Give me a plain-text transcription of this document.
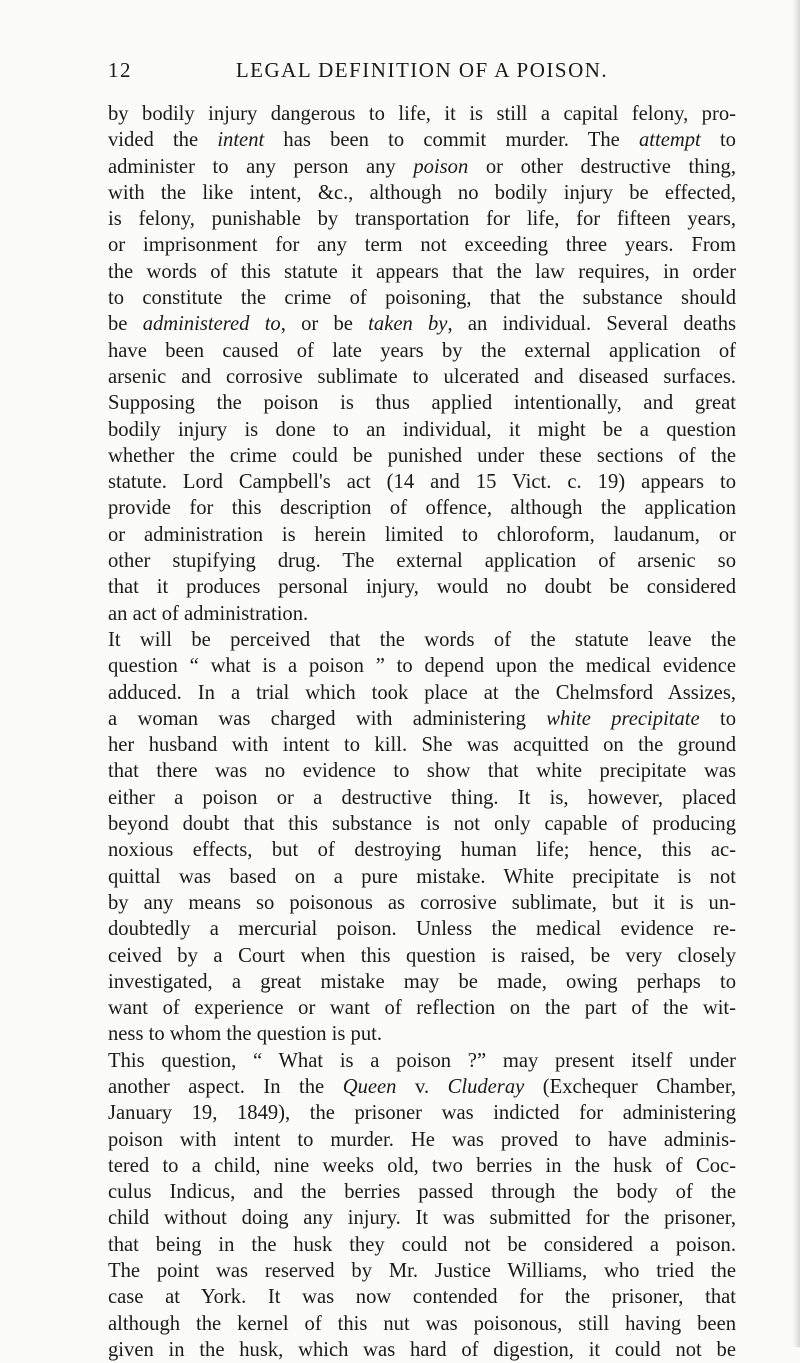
12	LEGAL DEFINITION OF A POISON.
by bodily injury dangerous to life, it is still a capital felony, pro-
vided the intent has been to commit murder. The attempt to
administer to any person any poison or other destructive thing,
with the like intent, &c., although no bodily injury be effected,
is felony, punishable by transportation for life, for fifteen years,
or imprisonment for any term not exceeding three years. From
the words of this statute it appears that the law requires, in order
to constitute the crime of poisoning, that the substance should
be administered to, or be taken by, an individual. Several deaths
have been caused of late years by the external application of
arsenic and corrosive sublimate to ulcerated and diseased surfaces.
Supposing the poison is thus applied intentionally, and great
bodily injury is done to an individual, it might be a question
whether the crime could be punished under these sections of the
statute. Lord Campbell's act (14 and 15 Vict. c. 19) appears to
provide for this description of offence, although the application
or administration is herein limited to chloroform, laudanum, or
other stupifying drug. The external application of arsenic so
that it produces personal injury, would no doubt be considered
an act of administration.
It will be perceived that the words of the statute leave the
question “ what is a poison ” to depend upon the medical evidence
adduced. In a trial which took place at the Chelmsford Assizes,
a woman was charged with administering white precipitate to
her husband with intent to kill. She was acquitted on the ground
that there was no evidence to show that white precipitate was
either a poison or a destructive thing. It is, however, placed
beyond doubt that this substance is not only capable of producing
noxious effects, but of destroying human life; hence, this ac-
quittal was based on a pure mistake. White precipitate is not
by any means so poisonous as corrosive sublimate, but it is un-
doubtedly a mercurial poison. Unless the medical evidence re-
ceived by a Court when this question is raised, be very closely
investigated, a great mistake may be made, owing perhaps to
want of experience or want of reflection on the part of the wit-
ness to whom the question is put.
This question, “ What is a poison ?” may present itself under
another aspect. In the Queen v. Cluderay (Exchequer Chamber,
January 19, 1849), the prisoner was indicted for administering
poison with intent to murder. He was proved to have adminis-
tered to a child, nine weeks old, two berries in the husk of Coc-
culus Indicus, and the berries passed through the body of the
child without doing any injury. It was submitted for the prisoner,
that being in the husk they could not be considered a poison.
The point was reserved by Mr. Justice Williams, who tried the
case at York. It was now contended for the prisoner, that
although the kernel of this nut was poisonous, still having been
given in the husk, which was hard of digestion, it could not be
